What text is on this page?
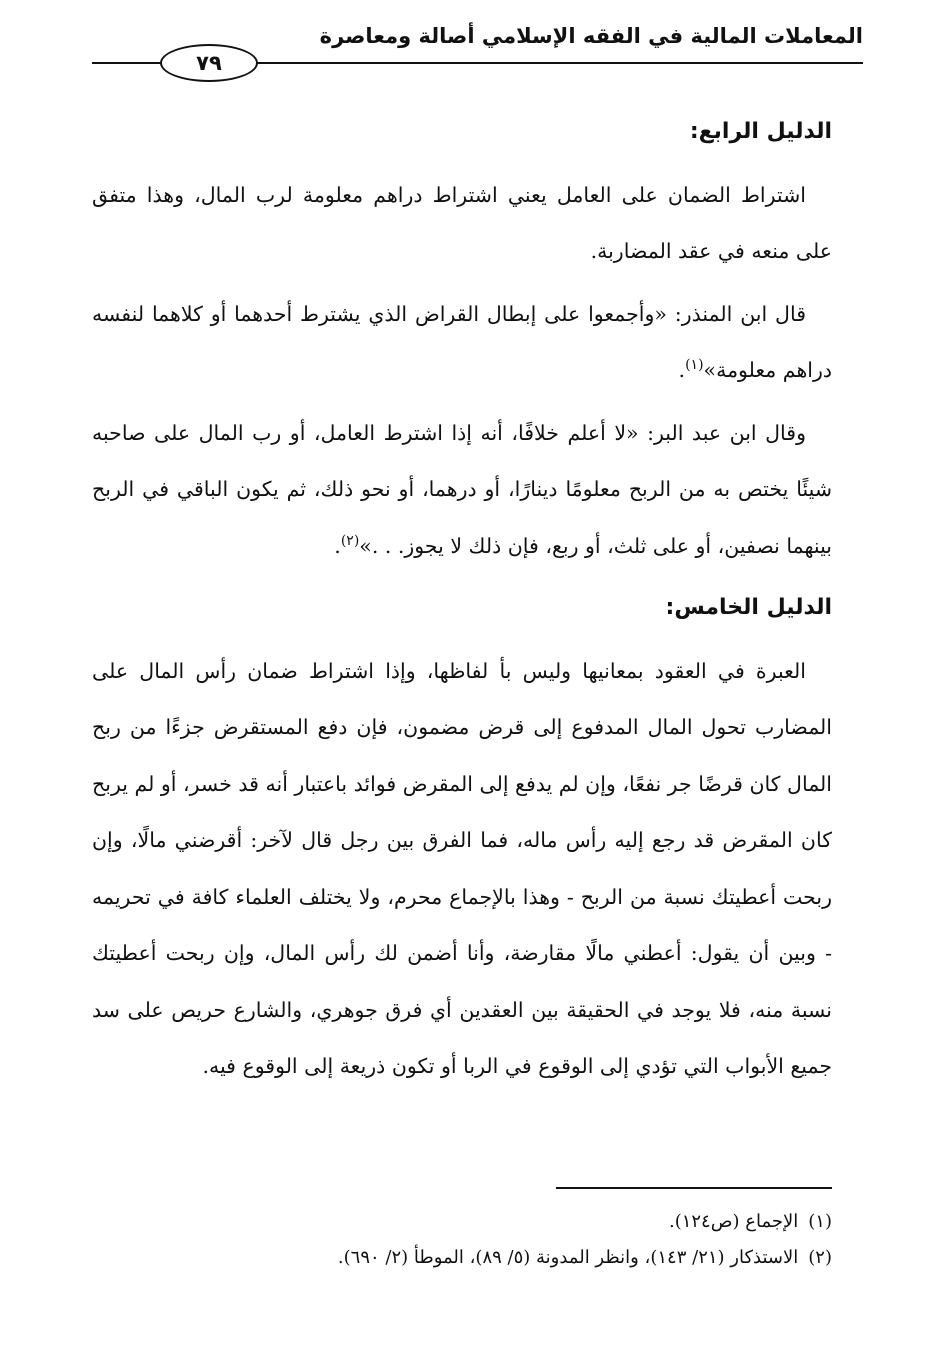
المعاملات المالية في الفقه الإسلامي أصالة ومعاصرة
٧٩

الدليل الرابع:

اشتراط الضمان على العامل يعني اشتراط دراهم معلومة لرب المال، وهذا متفق على منعه في عقد المضاربة.

قال ابن المنذر: «وأجمعوا على إبطال القراض الذي يشترط أحدهما أو كلاهما لنفسه دراهم معلومة»$^{(١)}$.

وقال ابن عبد البر: «لا أعلم خلافًا، أنه إذا اشترط العامل، أو رب المال على صاحبه شيئًا يختص به من الربح معلومًا دينارًا، أو درهما، أو نحو ذلك، ثم يكون الباقي في الربح بينهما نصفين، أو على ثلث، أو ربع، فإن ذلك لا يجوز. . .»$^{(٢)}$.

الدليل الخامس:

العبرة في العقود بمعانيها وليس بأ لفاظها، وإذا اشتراط ضمان رأس المال على المضارب تحول المال المدفوع إلى قرض مضمون، فإن دفع المستقرض جزءًا من ربح المال كان قرضًا جر نفعًا، وإن لم يدفع إلى المقرض فوائد باعتبار أنه قد خسر، أو لم يربح كان المقرض قد رجع إليه رأس ماله، فما الفرق بين رجل قال لآخر: أقرضني مالًا، وإن ربحت أعطيتك نسبة من الربح - وهذا بالإجماع محرم، ولا يختلف العلماء كافة في تحريمه - وبين أن يقول: أعطني مالًا مقارضة، وأنا أضمن لك رأس المال، وإن ربحت أعطيتك نسبة منه، فلا يوجد في الحقيقة بين العقدين أي فرق جوهري، والشارع حريص على سد جميع الأبواب التي تؤدي إلى الوقوع في الربا أو تكون ذريعة إلى الوقوع فيه.

(١)الإجماع (ص١٢٤).
(٢)الاستذكار (٢١/ ١٤٣)، وانظر المدونة (٥/ ٨٩)، الموطأ (٢/ ٦٩٠).
